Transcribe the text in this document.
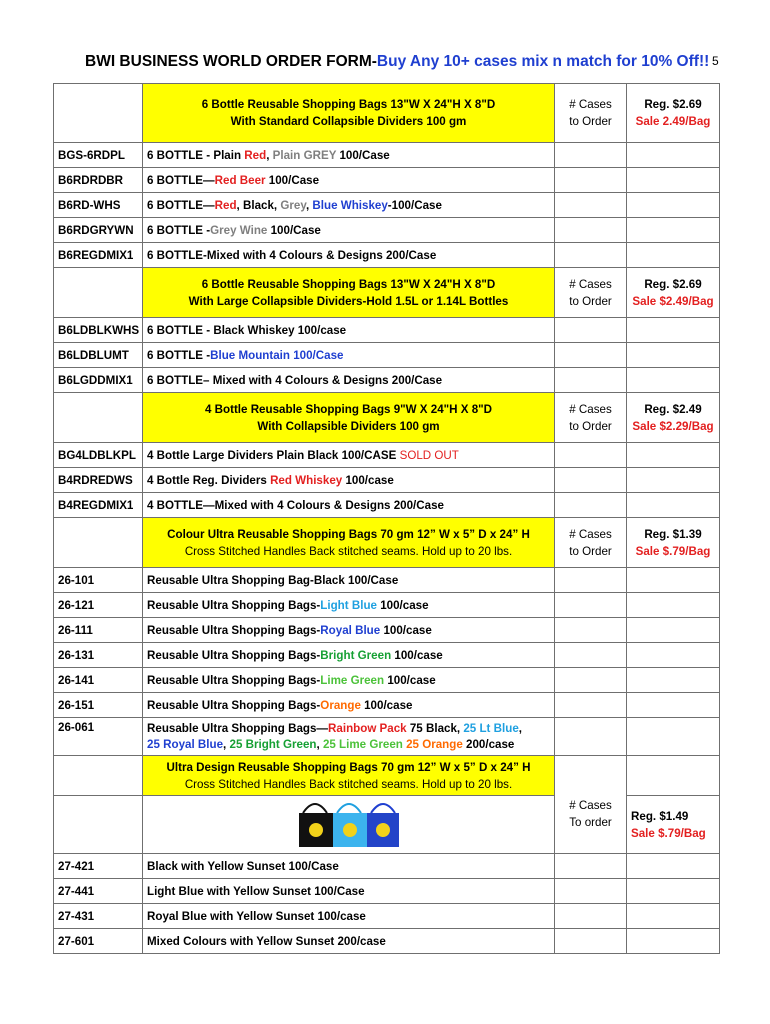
BWI BUSINESS WORLD ORDER FORM-Buy Any 10+ cases mix n match for 10% Off!! 5
	6 Bottle Reusable Shopping Bags 13"W X 24"H X 8"D
With Standard Collapsible Dividers 100 gm	# Cases
to Order	Reg. $2.69
Sale 2.49/Bag
BGS-6RDPL	6 BOTTLE - Plain Red, Plain GREY 100/Case		
B6RDRDBR	6 BOTTLE—Red Beer 100/Case		
B6RD-WHS	6 BOTTLE—Red, Black, Grey, Blue Whiskey-100/Case		
B6RDGRYWN	6 BOTTLE -Grey Wine 100/Case		
B6REGDMIX1	6 BOTTLE-Mixed with 4 Colours & Designs 200/Case		
	6 Bottle Reusable Shopping Bags 13"W X 24"H X 8"D
With Large Collapsible Dividers-Hold 1.5L or 1.14L Bottles	# Cases
to Order	Reg. $2.69
Sale $2.49/Bag
B6LDBLKWHS	6 BOTTLE - Black Whiskey 100/case		
B6LDBLUMT	6 BOTTLE -Blue Mountain 100/Case		
B6LGDDMIX1	6 BOTTLE– Mixed with 4 Colours & Designs 200/Case		
	4 Bottle Reusable Shopping Bags 9"W X 24"H X 8"D
With Collapsible Dividers 100 gm	# Cases
to Order	Reg. $2.49
Sale $2.29/Bag
BG4LDBLKPL	4 Bottle Large Dividers Plain Black 100/CASE SOLD OUT		
B4RDREDWS	4 Bottle Reg. Dividers Red Whiskey 100/case		
B4REGDMIX1	4 BOTTLE—Mixed with 4 Colours & Designs 200/Case		
	Colour Ultra Reusable Shopping Bags 70 gm 12” W x 5” D x 24” H
Cross Stitched Handles Back stitched seams. Hold up to 20 lbs.	# Cases
to Order	Reg. $1.39
Sale $.79/Bag
26-101	Reusable Ultra Shopping Bag-Black 100/Case		
26-121	Reusable Ultra Shopping Bags-Light Blue 100/case		
26-111	Reusable Ultra Shopping Bags-Royal Blue 100/case		
26-131	Reusable Ultra Shopping Bags-Bright Green 100/case		
26-141	Reusable Ultra Shopping Bags-Lime Green 100/case		
26-151	Reusable Ultra Shopping Bags-Orange 100/case		
26-061	Reusable Ultra Shopping Bags—Rainbow Pack 75 Black, 25 Lt Blue,
25 Royal Blue, 25 Bright Green, 25 Lime Green 25 Orange 200/case		
	Ultra Design Reusable Shopping Bags 70 gm 12” W x 5” D x 24” H
Cross Stitched Handles Back stitched seams. Hold up to 20 lbs.	# Cases
To order	
		Reg. $1.49
Sale $.79/Bag
27-421	Black with Yellow Sunset 100/Case		
27-441	Light Blue with Yellow Sunset 100/Case		
27-431	Royal Blue with Yellow Sunset 100/case		
27-601	Mixed Colours with Yellow Sunset 200/case		
